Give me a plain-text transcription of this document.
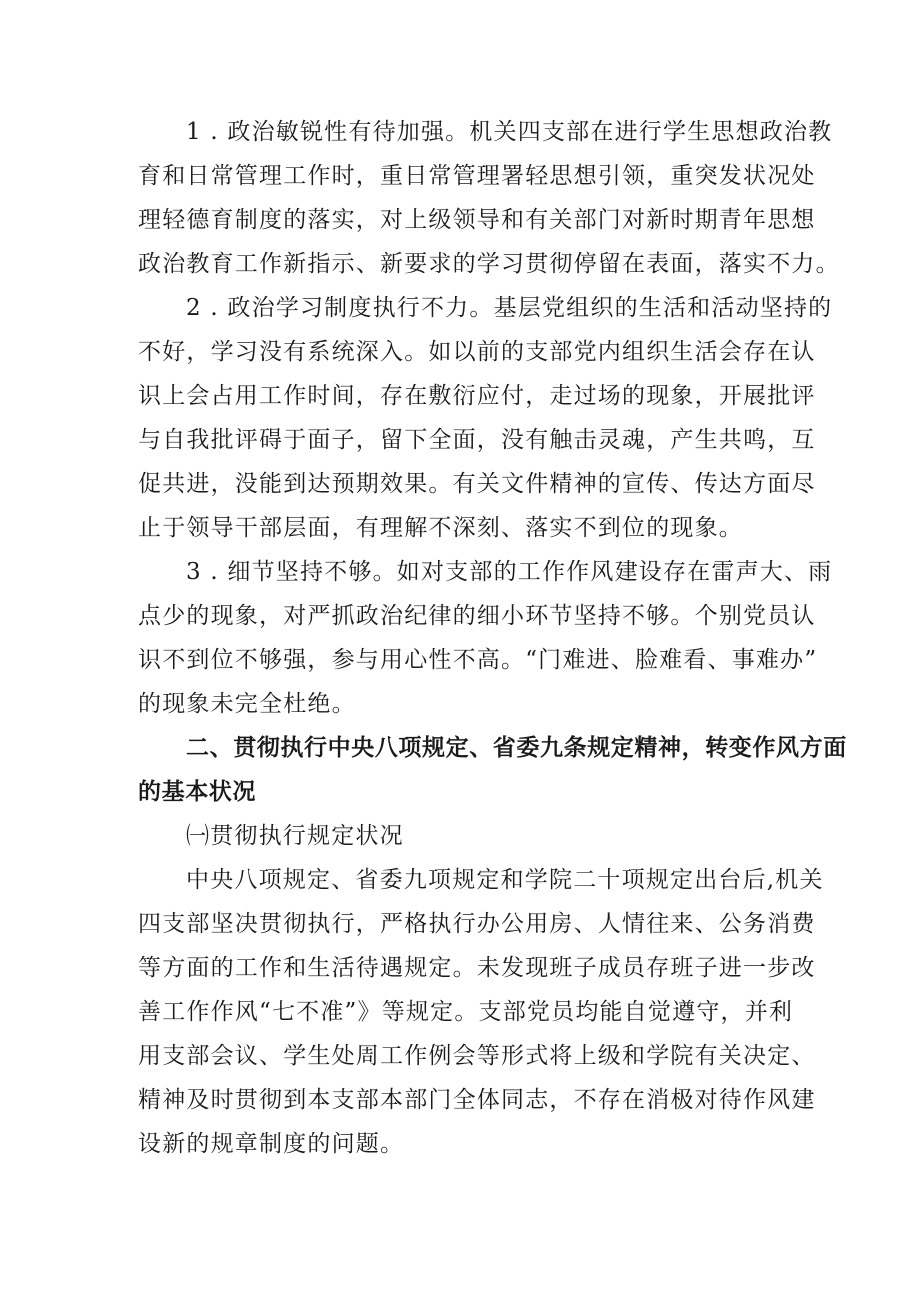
1 . 政治敏锐性有待加强。机关四支部在进行学生思想政治教
育和日常管理工作时，重日常管理署轻思想引领，重突发状况处
理轻德育制度的落实，对上级领导和有关部门对新时期青年思想
政治教育工作新指示、新要求的学习贯彻停留在表面，落实不力。
2 . 政治学习制度执行不力。基层党组织的生活和活动坚持的
不好，学习没有系统深入。如以前的支部党内组织生活会存在认
识上会占用工作时间，存在敷衍应付，走过场的现象，开展批评
与自我批评碍于面子，留下全面，没有触击灵魂，产生共鸣，互
促共进，没能到达预期效果。有关文件精神的宣传、传达方面尽
止于领导干部层面，有理解不深刻、落实不到位的现象。
3 . 细节坚持不够。如对支部的工作作风建设存在雷声大、雨
点少的现象，对严抓政治纪律的细小环节坚持不够。个别党员认
识不到位不够强，参与用心性不高。“门难进、脸难看、事难办”
的现象未完全杜绝。
二、贯彻执行中央八项规定、省委九条规定精神，转变作风方面
的基本状况
㈠贯彻执行规定状况
中央八项规定、省委九项规定和学院二十项规定出台后,机关
四支部坚决贯彻执行，严格执行办公用房、人情往来、公务消费
等方面的工作和生活待遇规定。未发现班子成员存班子进一步改
善工作作风“七不准”》等规定。支部党员均能自觉遵守，并利
用支部会议、学生处周工作例会等形式将上级和学院有关决定、
精神及时贯彻到本支部本部门全体同志，不存在消极对待作风建
设新的规章制度的问题。
